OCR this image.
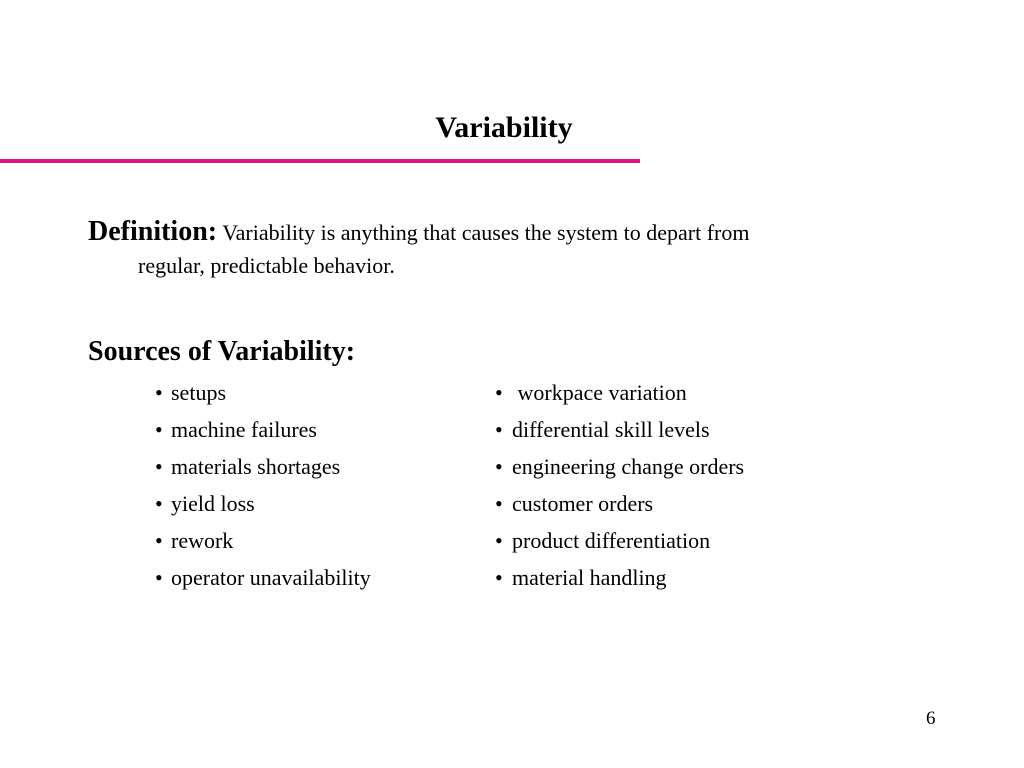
Variability
Definition: Variability is anything that causes the system to depart from
regular, predictable behavior.
Sources of Variability:
• setups
• machine failures
• materials shortages
• yield loss
• rework
• operator unavailability
• workpace variation
• differential skill levels
• engineering change orders
• customer orders
• product differentiation
• material handling
6
